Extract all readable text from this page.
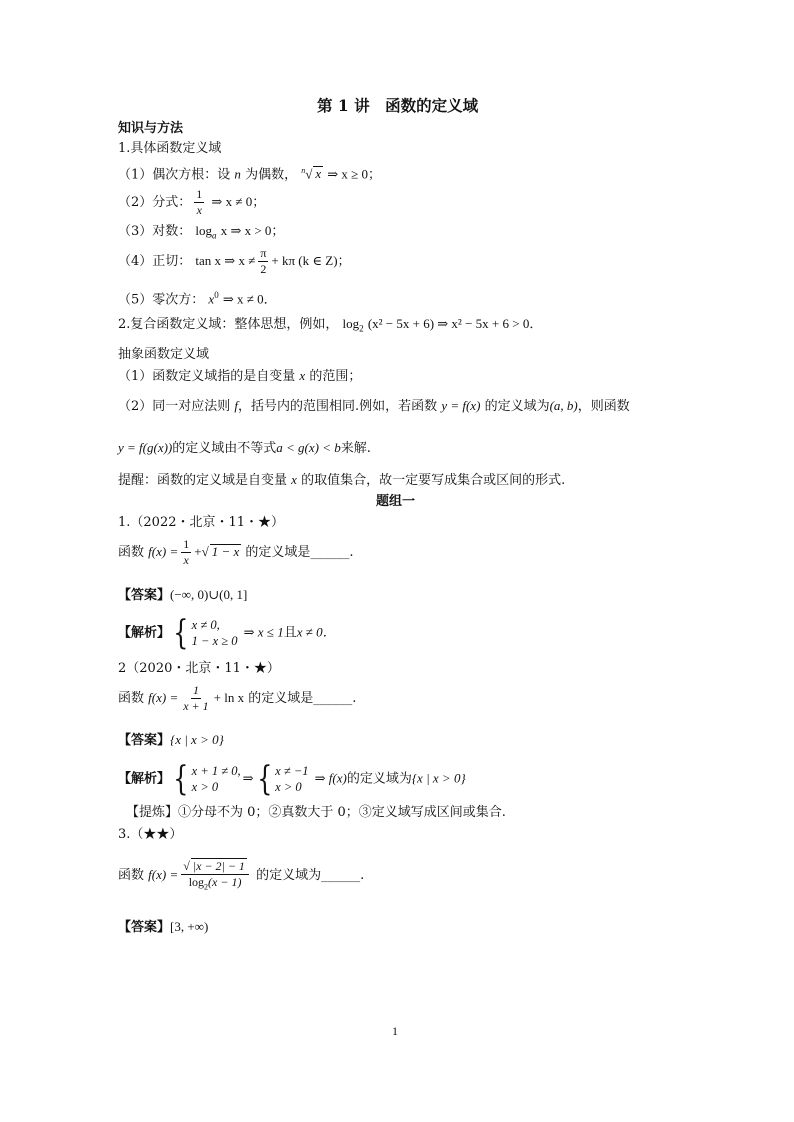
第 1 讲　函数的定义域
知识与方法
1.具体函数定义域
（1）偶次方根：设 n 为偶数， $^n$√ x ⇒ x ≥ 0；
（2）分式： $\frac{1}{x}$ ⇒ x ≠ 0；
（3）对数： $\log_a x$ ⇒ x > 0；
（4）正切： tan x ⇒ $x \ne \frac{\pi}{2} + k\pi$ (k ∈ Z)；
（5）零次方： $x^0$ ⇒ x ≠ 0．
2.复合函数定义域：整体思想，例如， $\log_2 (x^2 - 5x + 6)$ ⇒ x² − 5x + 6 > 0．
抽象函数定义域
（1）函数定义域指的是自变量 x 的范围；
（2）同一对应法则 f，括号内的范围相同.例如，若函数 y = f(x) 的定义域为(a, b)，则函数
y = f(g(x))的定义域由不等式a < g(x) < b来解.
提醒：函数的定义域是自变量 x 的取值集合，故一定要写成集合或区间的形式.
题组一
1.（2022・北京・11・★）
函数 $f(x) = \frac{1}{x}$ +√ 1 − x 的定义域是______.
【答案】(−∞, 0)∪(0, 1]
【解析】 { x ≠ 0,
1 − x ≥ 0
⇒ x ≤ 1且x ≠ 0．
2（2020・北京・11・★）
函数 $f(x) = \frac{1}{x + 1} + \ln x$ 的定义域是______.
【答案】{x | x > 0}
【解析】 { x + 1 ≠ 0,
x > 0
⇒ { x ≠ −1
x > 0
⇒ f(x)的定义域为{x | x > 0}
【提炼】①分母不为 0；②真数大于 0；③定义域写成区间或集合.
3.（★★）
函数 $f(x) = \frac{√ |x - 2| - 1}{\log_2(x - 1)}$ 的定义域为______.
【答案】[3, +∞)
1
